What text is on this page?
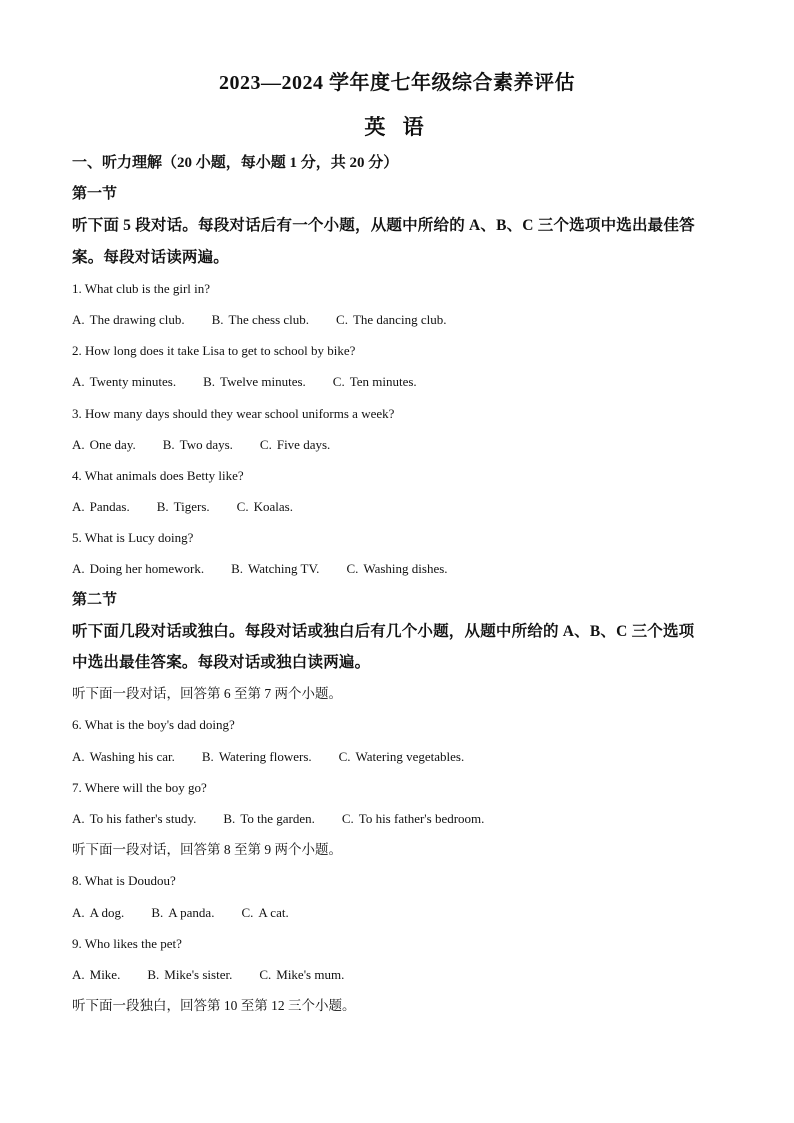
2023—2024 学年度七年级综合素养评估
英 语
一、听力理解（20 小题，每小题 1 分，共 20 分）
第一节
听下面 5 段对话。每段对话后有一个小题，从题中所给的 A、B、C 三个选项中选出最佳答
案。每段对话读两遍。
1. What club is the girl in?
A. The drawing club. B. The chess club. C. The dancing club.
2. How long does it take Lisa to get to school by bike?
A. Twenty minutes. B. Twelve minutes. C. Ten minutes.
3. How many days should they wear school uniforms a week?
A. One day. B. Two days. C. Five days.
4. What animals does Betty like?
A. Pandas. B. Tigers. C. Koalas.
5. What is Lucy doing?
A. Doing her homework. B. Watching TV. C. Washing dishes.
第二节
听下面几段对话或独白。每段对话或独白后有几个小题，从题中所给的 A、B、C 三个选项
中选出最佳答案。每段对话或独白读两遍。
听下面一段对话，回答第 6 至第 7 两个小题。
6. What is the boy's dad doing?
A. Washing his car. B. Watering flowers. C. Watering vegetables.
7. Where will the boy go?
A. To his father's study. B. To the garden. C. To his father's bedroom.
听下面一段对话，回答第 8 至第 9 两个小题。
8. What is Doudou?
A. A dog. B. A panda. C. A cat.
9. Who likes the pet?
A. Mike. B. Mike's sister. C. Mike's mum.
听下面一段独白，回答第 10 至第 12 三个小题。
